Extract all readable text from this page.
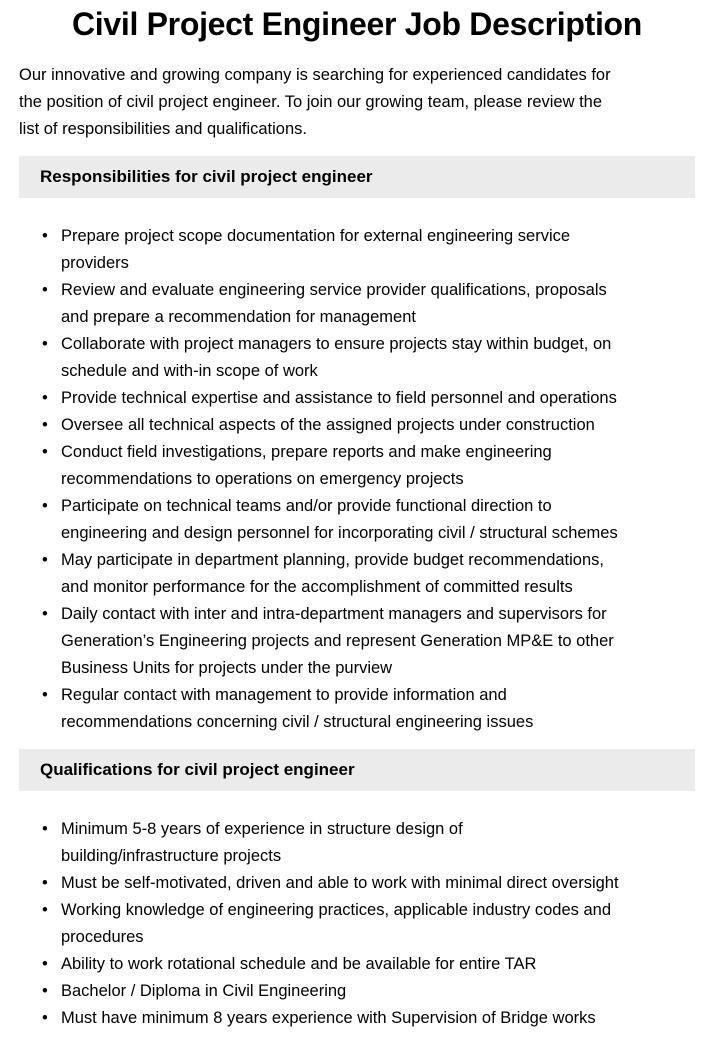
Civil Project Engineer Job Description

Our innovative and growing company is searching for experienced candidates for the position of civil project engineer. To join our growing team, please review the list of responsibilities and qualifications.

Responsibilities for civil project engineer
• Prepare project scope documentation for external engineering service providers
• Review and evaluate engineering service provider qualifications, proposals and prepare a recommendation for management
• Collaborate with project managers to ensure projects stay within budget, on schedule and with-in scope of work
• Provide technical expertise and assistance to field personnel and operations
• Oversee all technical aspects of the assigned projects under construction
• Conduct field investigations, prepare reports and make engineering recommendations to operations on emergency projects
• Participate on technical teams and/or provide functional direction to engineering and design personnel for incorporating civil / structural schemes
• May participate in department planning, provide budget recommendations, and monitor performance for the accomplishment of committed results
• Daily contact with inter and intra-department managers and supervisors for Generation’s Engineering projects and represent Generation MP&E to other Business Units for projects under the purview
• Regular contact with management to provide information and recommendations concerning civil / structural engineering issues
Qualifications for civil project engineer
• Minimum 5-8 years of experience in structure design of building/infrastructure projects
• Must be self-motivated, driven and able to work with minimal direct oversight
• Working knowledge of engineering practices, applicable industry codes and procedures
• Ability to work rotational schedule and be available for entire TAR
• Bachelor / Diploma in Civil Engineering
• Must have minimum 8 years experience with Supervision of Bridge works
